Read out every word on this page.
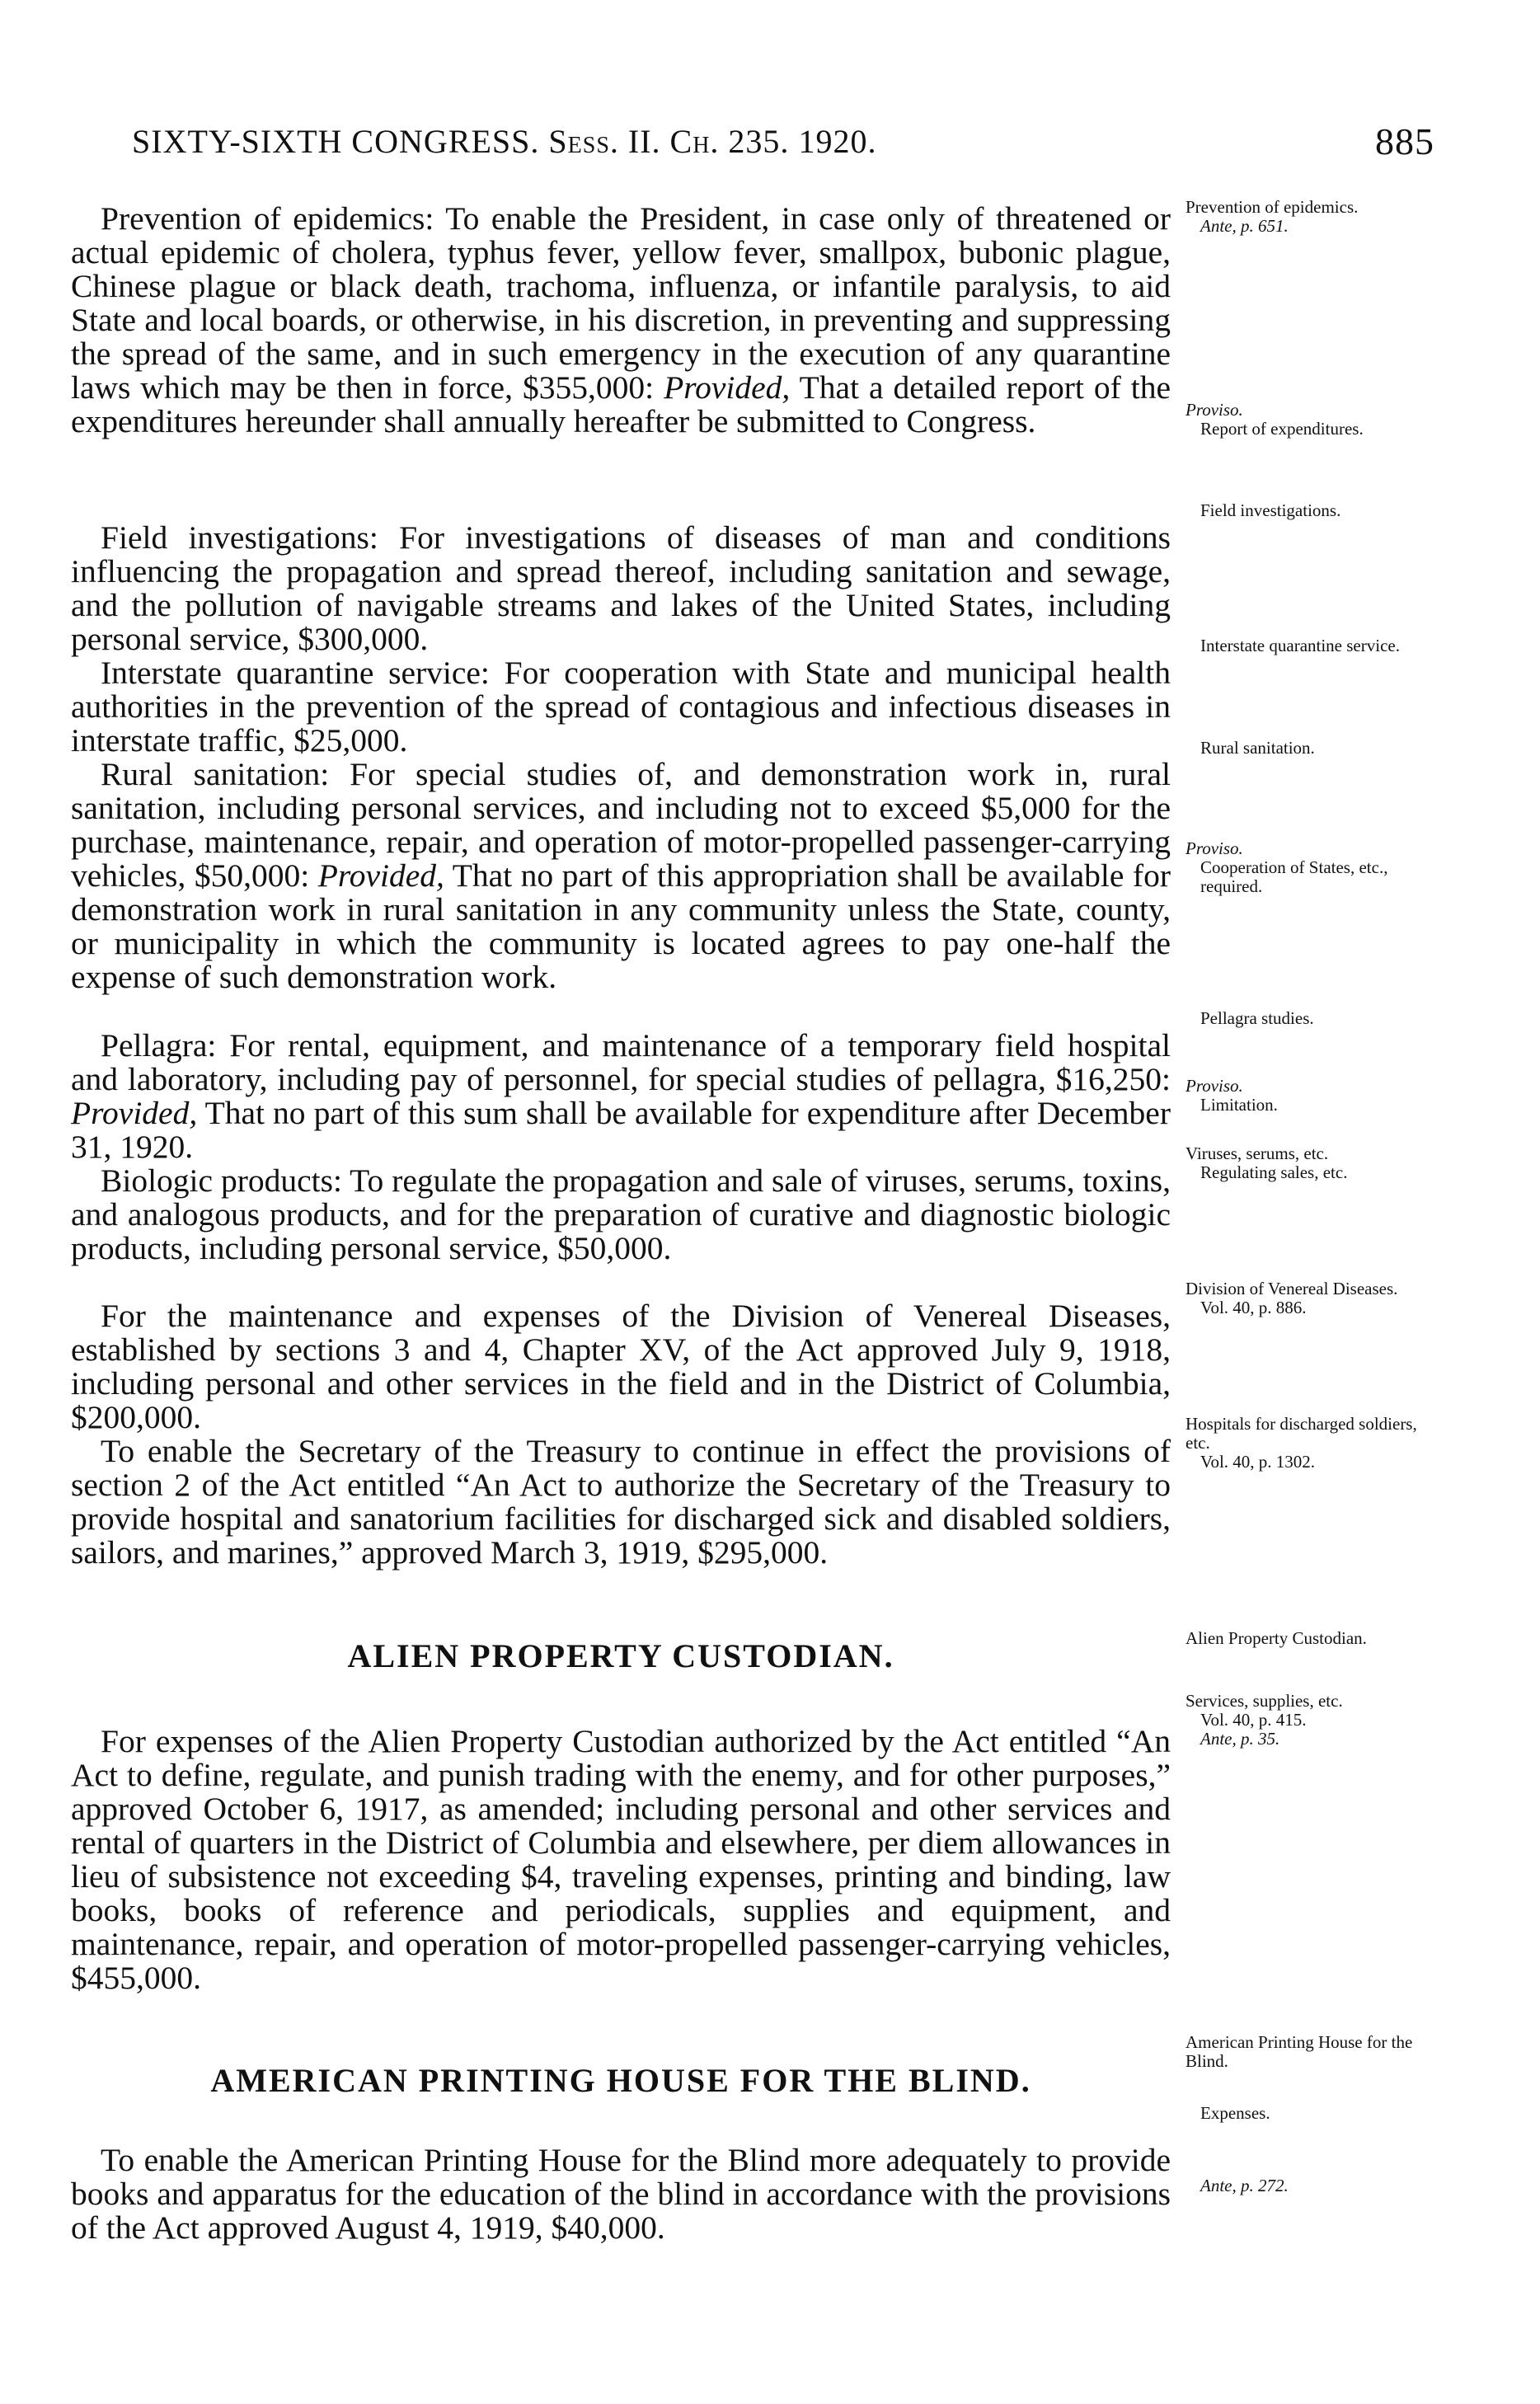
SIXTY-SIXTH CONGRESS. Sess. II. Ch. 235. 1920.	885

Prevention of epidemics: To enable the President, in case only of threatened or actual epidemic of cholera, typhus fever, yellow fever, smallpox, bubonic plague, Chinese plague or black death, trachoma, influenza, or infantile paralysis, to aid State and local boards, or otherwise, in his discretion, in preventing and suppressing the spread of the same, and in such emergency in the execution of any quarantine laws which may be then in force, $355,000: Provided, That a detailed report of the expenditures hereunder shall annually hereafter be submitted to Congress.

Field investigations: For investigations of diseases of man and conditions influencing the propagation and spread thereof, including sanitation and sewage, and the pollution of navigable streams and lakes of the United States, including personal service, $300,000.

Interstate quarantine service: For cooperation with State and municipal health authorities in the prevention of the spread of contagious and infectious diseases in interstate traffic, $25,000.

Rural sanitation: For special studies of, and demonstration work in, rural sanitation, including personal services, and including not to exceed $5,000 for the purchase, maintenance, repair, and operation of motor-propelled passenger-carrying vehicles, $50,000: Provided, That no part of this appropriation shall be available for demonstration work in rural sanitation in any community unless the State, county, or municipality in which the community is located agrees to pay one-half the expense of such demonstration work.

Pellagra: For rental, equipment, and maintenance of a temporary field hospital and laboratory, including pay of personnel, for special studies of pellagra, $16,250: Provided, That no part of this sum shall be available for expenditure after December 31, 1920.

Biologic products: To regulate the propagation and sale of viruses, serums, toxins, and analogous products, and for the preparation of curative and diagnostic biologic products, including personal service, $50,000.

For the maintenance and expenses of the Division of Venereal Diseases, established by sections 3 and 4, Chapter XV, of the Act approved July 9, 1918, including personal and other services in the field and in the District of Columbia, $200,000.

To enable the Secretary of the Treasury to continue in effect the provisions of section 2 of the Act entitled “An Act to authorize the Secretary of the Treasury to provide hospital and sanatorium facilities for discharged sick and disabled soldiers, sailors, and marines,” approved March 3, 1919, $295,000.

ALIEN PROPERTY CUSTODIAN.

For expenses of the Alien Property Custodian authorized by the Act entitled “An Act to define, regulate, and punish trading with the enemy, and for other purposes,” approved October 6, 1917, as amended; including personal and other services and rental of quarters in the District of Columbia and elsewhere, per diem allowances in lieu of subsistence not exceeding $4, traveling expenses, printing and binding, law books, books of reference and periodicals, supplies and equipment, and maintenance, repair, and operation of motor-propelled passenger-carrying vehicles, $455,000.

AMERICAN PRINTING HOUSE FOR THE BLIND.

To enable the American Printing House for the Blind more adequately to provide books and apparatus for the education of the blind in accordance with the provisions of the Act approved August 4, 1919, $40,000.

Prevention of epidemics.
Ante, p. 651.
Proviso.
Report of expenditures.
Field investigations.
Interstate quarantine service.
Rural sanitation.
Proviso.
Cooperation of States, etc., required.
Pellagra studies.
Proviso.
Limitation.
Viruses, serums, etc.
Regulating sales, etc.
Division of Venereal Diseases.
Vol. 40, p. 886.
Hospitals for discharged soldiers, etc.
Vol. 40, p. 1302.
Alien Property Custodian.
Services, supplies, etc.
Vol. 40, p. 415.
Ante, p. 35.
American Printing House for the Blind.
Expenses.
Ante, p. 272.
